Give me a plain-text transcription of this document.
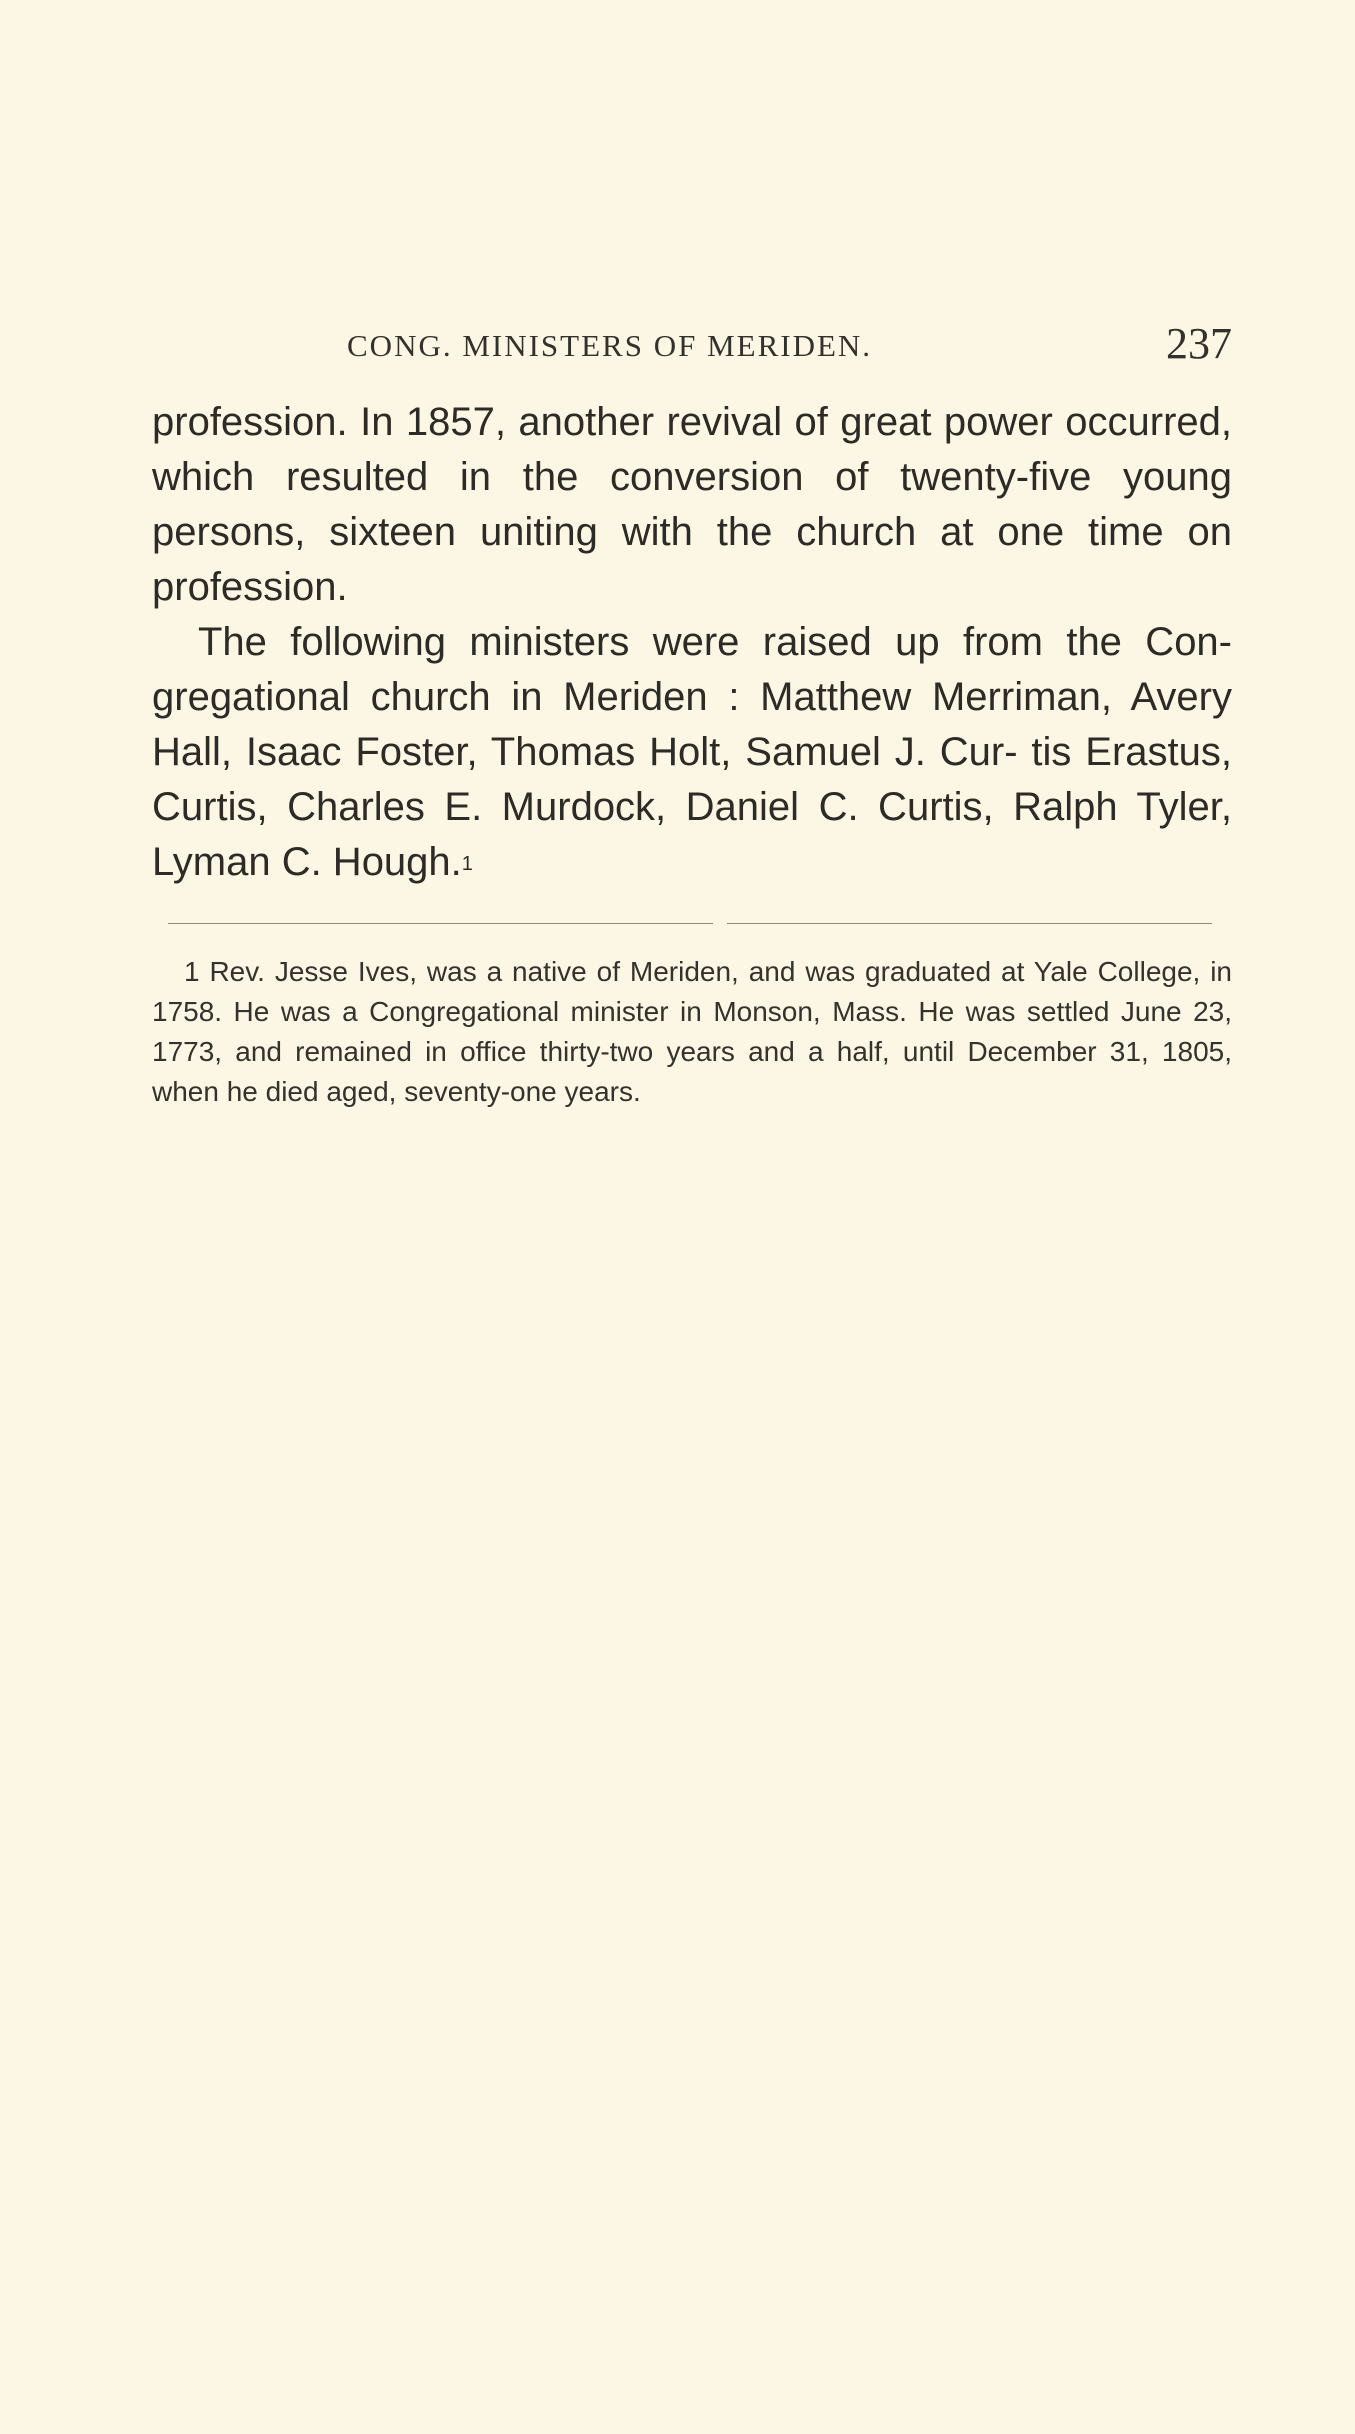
CONG. MINISTERS OF MERIDEN.	237

profession. In 1857, another revival of great power occurred, which resulted in the conversion of twenty-five young persons, sixteen uniting with the church at one time on profession.

The following ministers were raised up from the Con- gregational church in Meriden : Matthew Merriman, Avery Hall, Isaac Foster, Thomas Holt, Samuel J. Cur- tis Erastus, Curtis, Charles E. Murdock, Daniel C. Curtis, Ralph Tyler, Lyman C. Hough.$^1$

1 Rev. Jesse Ives, was a native of Meriden, and was graduated at Yale College, in 1758. He was a Congregational minister in Monson, Mass. He was settled June 23, 1773, and remained in office thirty-two years and a half, until December 31, 1805, when he died aged, seventy-one years.
